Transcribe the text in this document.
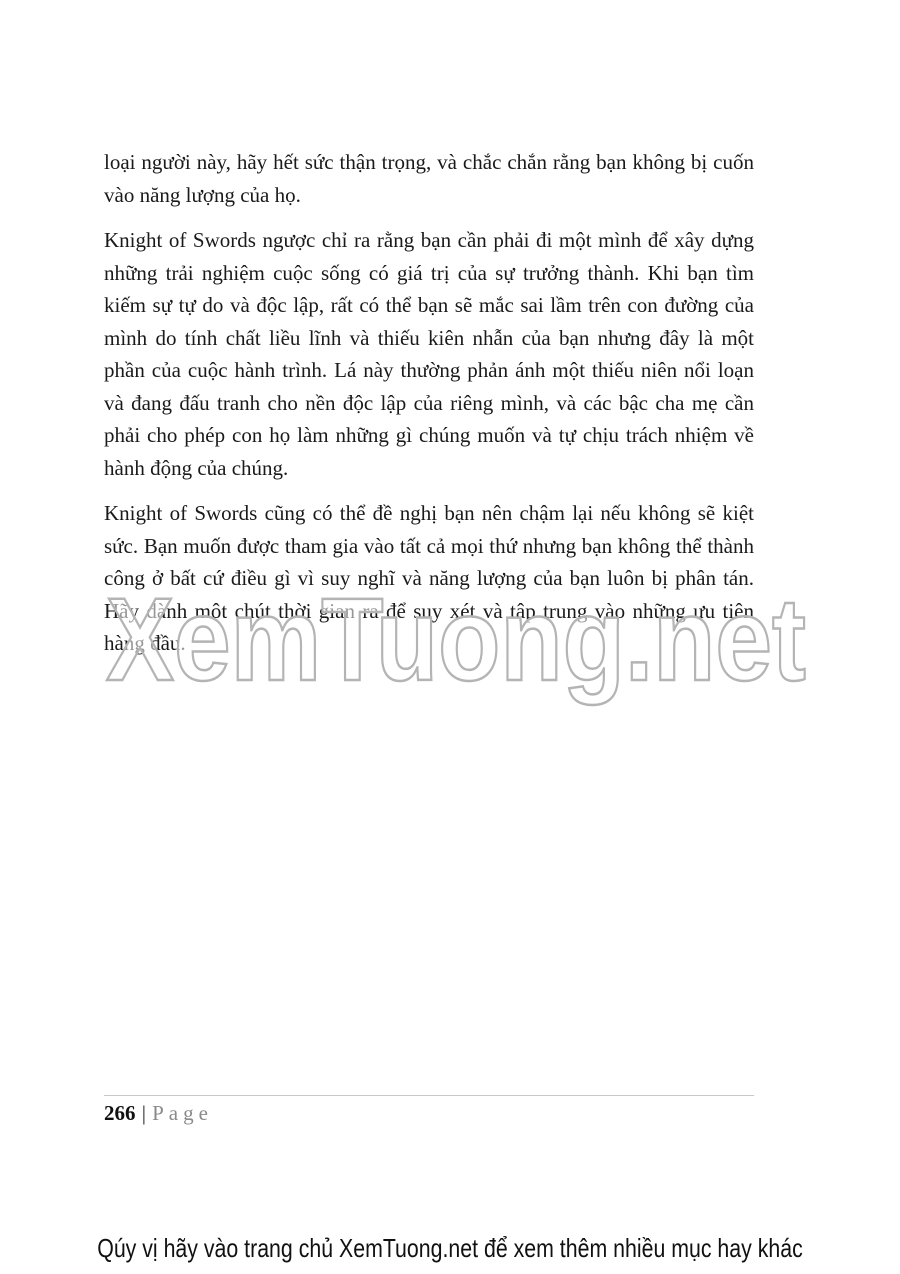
loại người này, hãy hết sức thận trọng, và chắc chắn rằng bạn không bị cuốn vào năng lượng của họ.

Knight of Swords ngược chỉ ra rằng bạn cần phải đi một mình để xây dựng những trải nghiệm cuộc sống có giá trị của sự trưởng thành. Khi bạn tìm kiếm sự tự do và độc lập, rất có thể bạn sẽ mắc sai lầm trên con đường của mình do tính chất liều lĩnh và thiếu kiên nhẫn của bạn nhưng đây là một phần của cuộc hành trình. Lá này thường phản ánh một thiếu niên nổi loạn và đang đấu tranh cho nền độc lập của riêng mình, và các bậc cha mẹ cần phải cho phép con họ làm những gì chúng muốn và tự chịu trách nhiệm về hành động của chúng.

Knight of Swords cũng có thể đề nghị bạn nên chậm lại nếu không sẽ kiệt sức. Bạn muốn được tham gia vào tất cả mọi thứ nhưng bạn không thể thành công ở bất cứ điều gì vì suy nghĩ và năng lượng của bạn luôn bị phân tán. Hãy dành một chút thời gian ra để suy xét và tập trung vào những ưu tiên hàng đầu.

XemTuong.net
266 | Page
Qúy vị hãy vào trang chủ XemTuong.net để xem thêm nhiều mục hay khác
